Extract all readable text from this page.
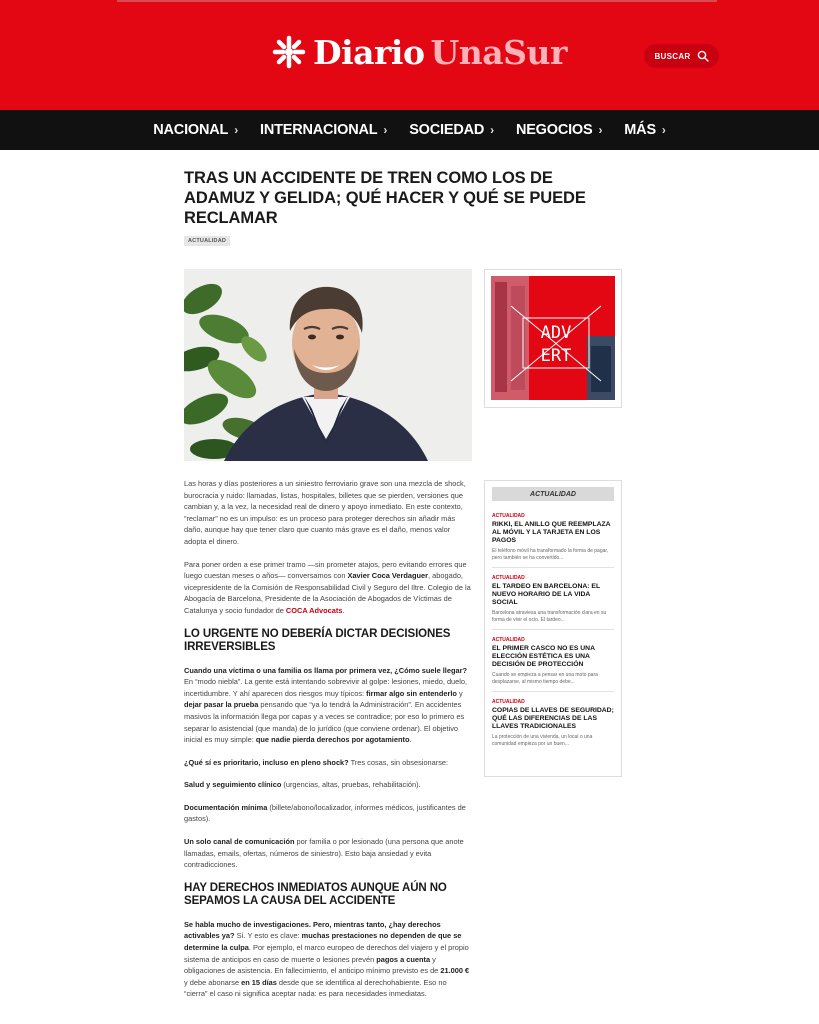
Diario UnaSur	BUSCAR
NACIONAL › INTERNACIONAL › SOCIEDAD › NEGOCIOS › MÁS ›
TRAS UN ACCIDENTE DE TREN COMO LOS DE ADAMUZ Y GELIDA; QUÉ HACER Y QUÉ SE PUEDE RECLAMAR
ACTUALIDAD
ADV
ERT
ACTUALIDAD
ACTUALIDAD
RIKKI, EL ANILLO QUE REEMPLAZA AL MÓVIL Y LA TARJETA EN LOS PAGOS
El teléfono móvil ha transformado la forma de pagar, pero también se ha convertido...
ACTUALIDAD
EL TARDEO EN BARCELONA: EL NUEVO HORARIO DE LA VIDA SOCIAL
Barcelona atraviesa una transformación clara en su forma de vivir el ocio. El tardeo...
ACTUALIDAD
EL PRIMER CASCO NO ES UNA ELECCIÓN ESTÉTICA ES UNA DECISIÓN DE PROTECCIÓN
Cuando se empieza a pensar en una moto para desplazarse, al mismo tiempo debe...
ACTUALIDAD
COPIAS DE LLAVES DE SEGURIDAD; QUÉ LAS DIFERENCIAS DE LAS LLAVES TRADICIONALES
La protección de una vivienda, un local o una comunidad empieza por un buen...

Las horas y días posteriores a un siniestro ferroviario grave son una mezcla de shock, burocracia y ruido: llamadas, listas, hospitales, billetes que se pierden, versiones que cambian y, a la vez, la necesidad real de dinero y apoyo inmediato. En este contexto, “reclamar” no es un impulso: es un proceso para proteger derechos sin añadir más daño, aunque hay que tener claro que cuanto más grave es el daño, menos valor adopta el dinero.

Para poner orden a ese primer tramo —sin prometer atajos, pero evitando errores que luego cuestan meses o años— conversamos con Xavier Coca Verdaguer, abogado, vicepresidente de la Comisión de Responsabilidad Civil y Seguro del Iltre. Colegio de la Abogacía de Barcelona, Presidente de la Asociación de Abogados de Víctimas de Catalunya y socio fundador de COCA Advocats.

LO URGENTE NO DEBERÍA DICTAR DECISIONES IRREVERSIBLES

Cuando una víctima o una familia os llama por primera vez, ¿Cómo suele llegar? En “modo niebla”. La gente está intentando sobrevivir al golpe: lesiones, miedo, duelo, incertidumbre. Y ahí aparecen dos riesgos muy típicos: firmar algo sin entenderlo y dejar pasar la prueba pensando que “ya lo tendrá la Administración”. En accidentes masivos la información llega por capas y a veces se contradice; por eso lo primero es separar lo asistencial (que manda) de lo jurídico (que conviene ordenar). El objetivo inicial es muy simple: que nadie pierda derechos por agotamiento.

¿Qué sí es prioritario, incluso en pleno shock? Tres cosas, sin obsesionarse:

Salud y seguimiento clínico (urgencias, altas, pruebas, rehabilitación).

Documentación mínima (billete/abono/localizador, informes médicos, justificantes de gastos).

Un solo canal de comunicación por familia o por lesionado (una persona que anote llamadas, emails, ofertas, números de siniestro). Esto baja ansiedad y evita contradicciones.

HAY DERECHOS INMEDIATOS AUNQUE AÚN NO SEPAMOS LA CAUSA DEL ACCIDENTE

Se habla mucho de investigaciones. Pero, mientras tanto, ¿hay derechos activables ya? Sí. Y esto es clave: muchas prestaciones no dependen de que se determine la culpa. Por ejemplo, el marco europeo de derechos del viajero y el propio sistema de anticipos en caso de muerte o lesiones prevén pagos a cuenta y obligaciones de asistencia. En fallecimiento, el anticipo mínimo previsto es de 21.000 € y debe abonarse en 15 días desde que se identifica al derechohabiente. Eso no “cierra” el caso ni significa aceptar nada: es para necesidades inmediatas.
